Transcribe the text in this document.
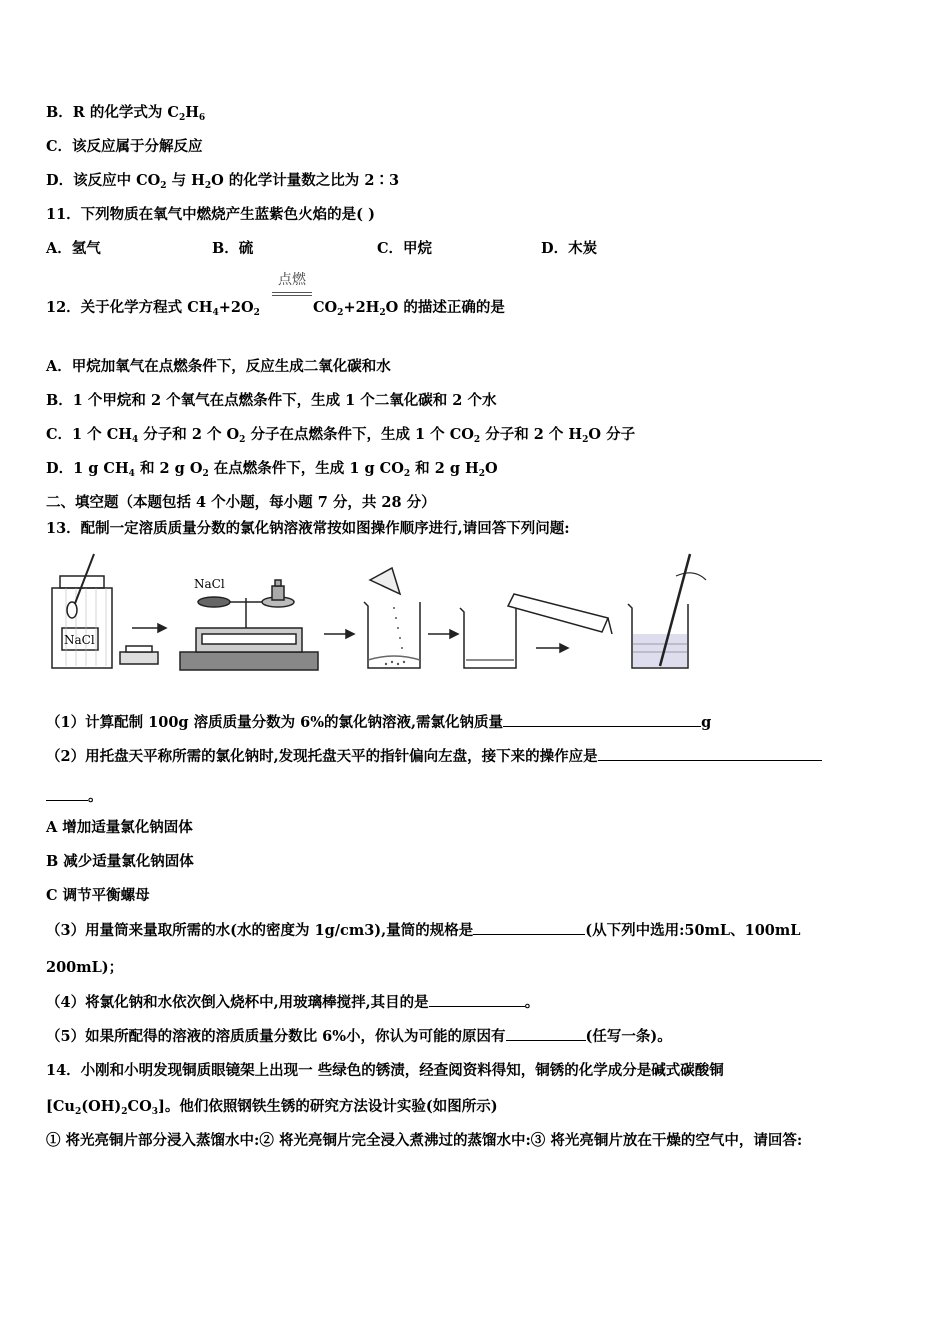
B．R 的化学式为 $C_2H_6$
C．该反应属于分解反应
D．该反应中 $CO_2$ 与 $H_2O$ 的化学计量数之比为 2∶3
11．下列物质在氧气中燃烧产生蓝紫色火焰的是( )
A．氢气	B．硫	C．甲烷	D．木炭
12．关于化学方程式 $CH_4+2O_2$
点燃
$CO_2+2H_2O$ 的描述正确的是
A．甲烷加氧气在点燃条件下，反应生成二氧化碳和水
B．1 个甲烷和 2 个氧气在点燃条件下，生成 1 个二氧化碳和 2 个水
C．1 个 $CH_4$ 分子和 2 个 $O_2$ 分子在点燃条件下，生成 1 个 $CO_2$ 分子和 2 个 $H_2O$ 分子
D．1 g $CH_4$ 和 2 g $O_2$ 在点燃条件下，生成 1 g $CO_2$ 和 2 g $H_2O$
二、填空题（本题包括 4 个小题，每小题 7 分，共 28 分）
13．配制一定溶质质量分数的氯化钠溶液常按如图操作顺序进行,请回答下列问题:
NaCl
NaCl
（1）计算配制 100g 溶质质量分数为 6%的氯化钠溶液,需氯化钠质量	g
（2）用托盘天平称所需的氯化钠时,发现托盘天平的指针偏向左盘，接下来的操作应是
。
A 增加适量氯化钠固体
B 减少适量氯化钠固体
C 调节平衡螺母
（3）用量筒来量取所需的水(水的密度为 1g/cm3),量筒的规格是	(从下列中选用:50mL、100mL
200mL)；
（4）将氯化钠和水依次倒入烧杯中,用玻璃棒搅拌,其目的是	。
（5）如果所配得的溶液的溶质质量分数比 6%小，你认为可能的原因有	(任写一条)。
14．小刚和小明发现铜质眼镜架上出现一 些绿色的锈渍，经查阅资料得知，铜锈的化学成分是碱式碳酸铜
$[Cu_2(OH)_2CO_3]$。他们依照钢铁生锈的研究方法设计实验(如图所示)
① 将光亮铜片部分浸入蒸馏水中:② 将光亮铜片完全浸入煮沸过的蒸馏水中:③ 将光亮铜片放在干燥的空气中，请回答:
